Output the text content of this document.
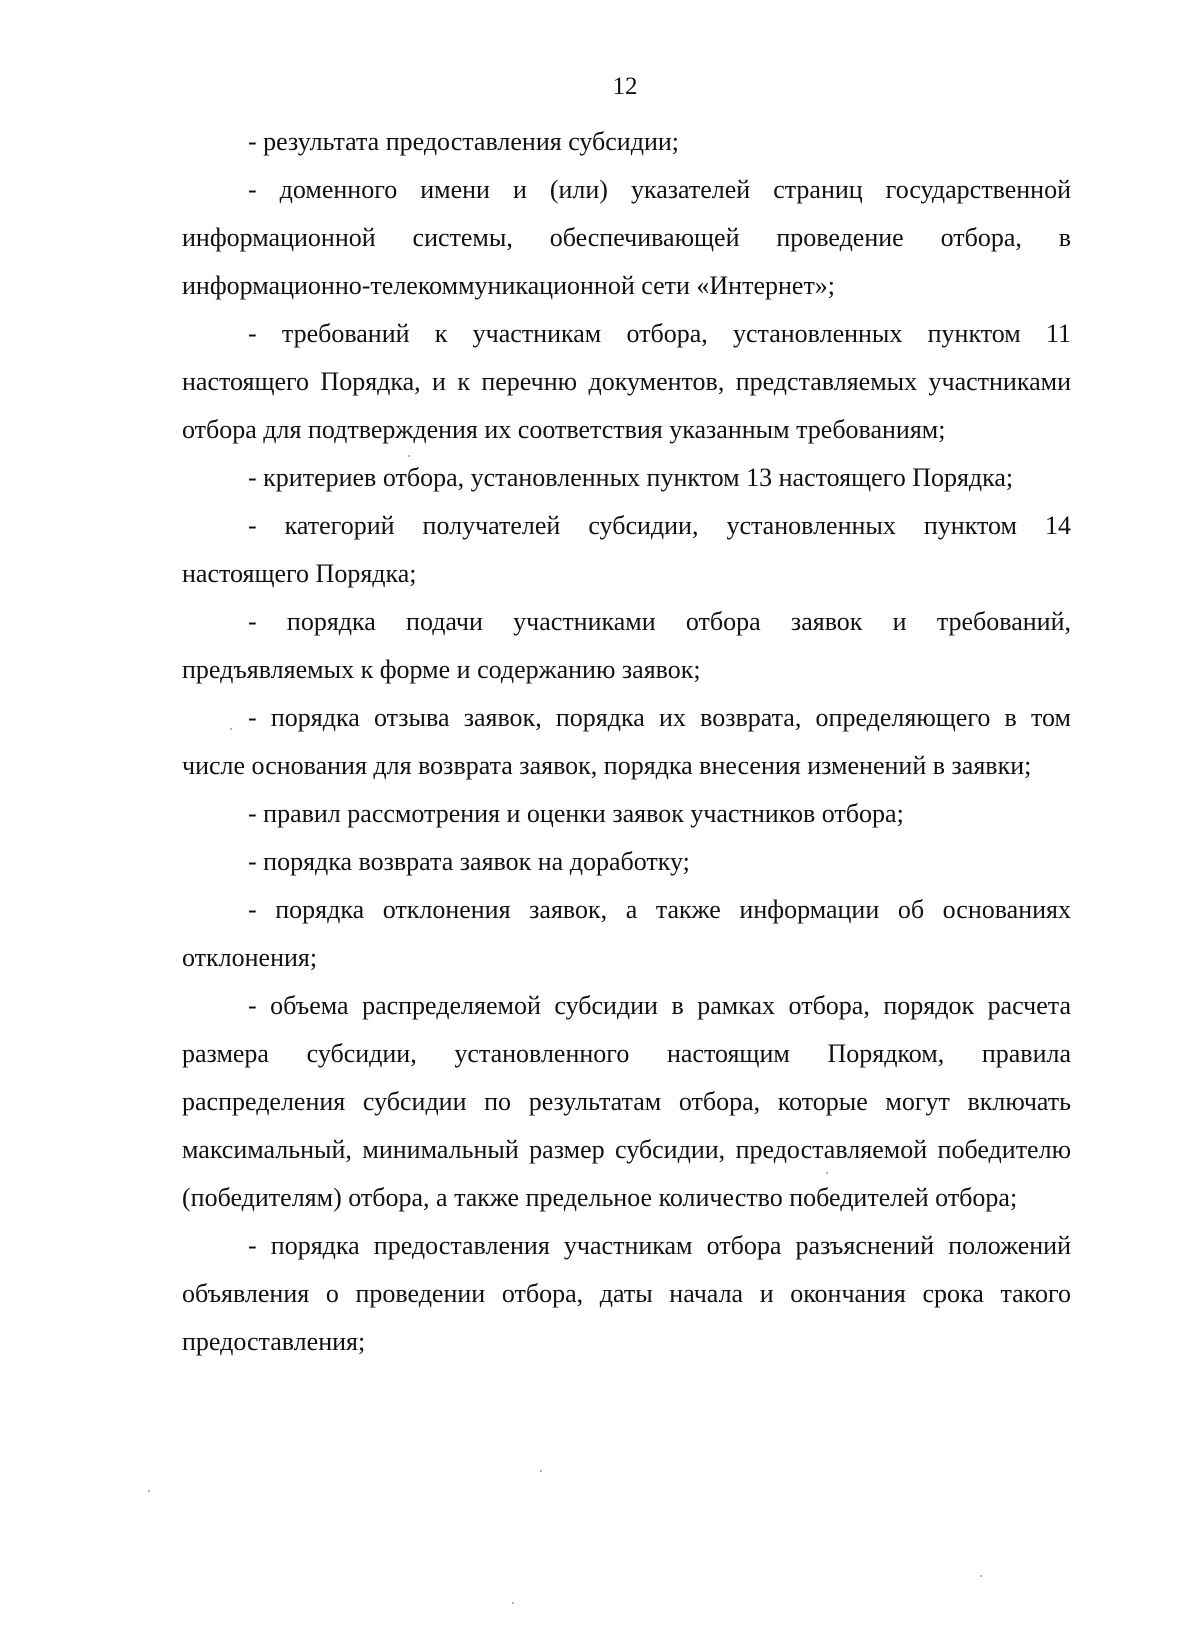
12

- результата предоставления субсидии;

- доменного имени и (или) указателей страниц государственной информационной системы, обеспечивающей проведение отбора, в информационно-телекоммуникационной сети «Интернет»;

- требований к участникам отбора, установленных пунктом 11 настоящего Порядка, и к перечню документов, представляемых участниками отбора для подтверждения их соответствия указанным требованиям;

- критериев отбора, установленных пунктом 13 настоящего Порядка;

- категорий получателей субсидии, установленных пунктом 14 настоящего Порядка;

- порядка подачи участниками отбора заявок и требований, предъявляемых к форме и содержанию заявок;

- порядка отзыва заявок, порядка их возврата, определяющего в том числе основания для возврата заявок, порядка внесения изменений в заявки;

- правил рассмотрения и оценки заявок участников отбора;

- порядка возврата заявок на доработку;

- порядка отклонения заявок, а также информации об основаниях отклонения;

- объема распределяемой субсидии в рамках отбора, порядок расчета размера субсидии, установленного настоящим Порядком, правила распределения субсидии по результатам отбора, которые могут включать максимальный, минимальный размер субсидии, предоставляемой победителю (победителям) отбора, а также предельное количество победителей отбора;

- порядка предоставления участникам отбора разъяснений положений объявления о проведении отбора, даты начала и окончания срока такого предоставления;
